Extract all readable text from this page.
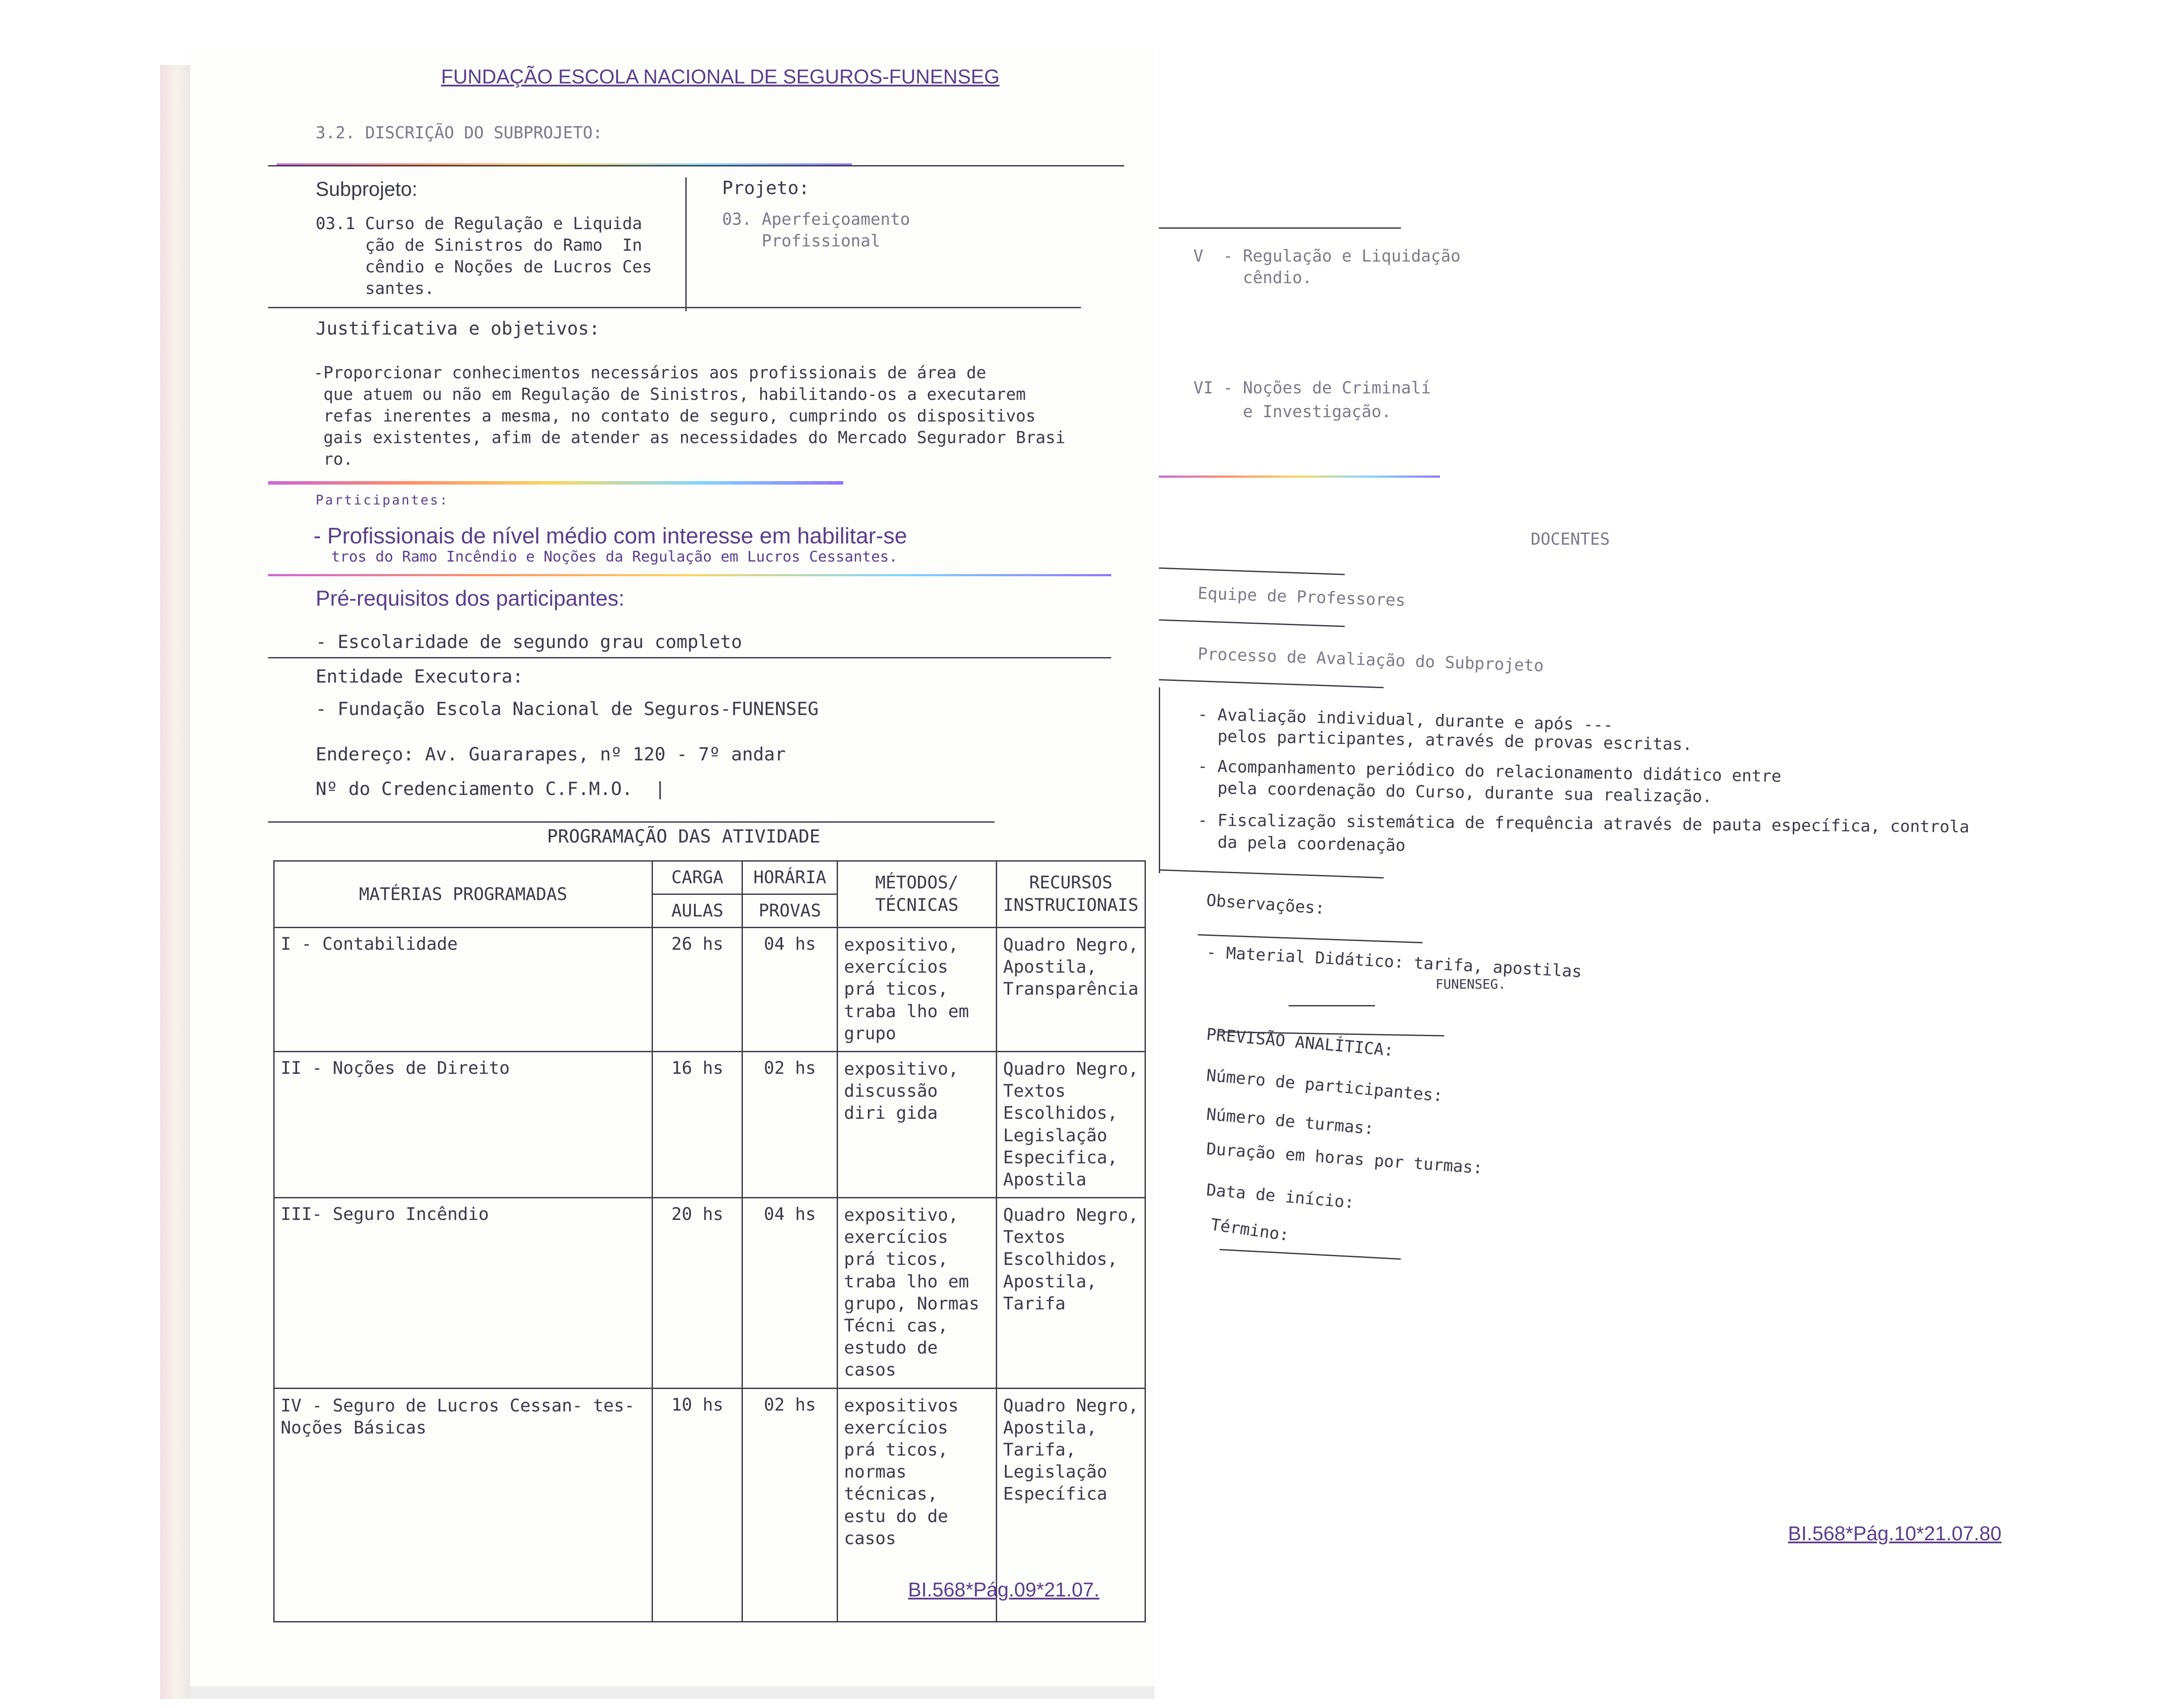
FUNDAÇÃO ESCOLA NACIONAL DE SEGUROS-FUNENSEG
3.2. DISCRIÇÃO DO SUBPROJETO:
Subprojeto:
03.1 Curso de Regulação e Liquida
ção de Sinistros do Ramo  In
cêndio e Noções de Lucros Ces
santes.
Projeto:
03. Aperfeiçoamento
Profissional
Justificativa e objetivos:
-Proporcionar conhecimentos necessários aos profissionais de área de
que atuem ou não em Regulação de Sinistros, habilitando-os a executarem
refas inerentes a mesma, no contato de seguro, cumprindo os dispositivos
gais existentes, afim de atender as necessidades do Mercado Segurador Brasi
ro.
Participantes:
- Profissionais de nível médio com interesse em habilitar-se
tros do Ramo Incêndio e Noções da Regulação em Lucros Cessantes.
Pré-requisitos dos participantes:
- Escolaridade de segundo grau completo
Entidade Executora:
- Fundação Escola Nacional de Seguros-FUNENSEG
Endereço: Av. Guararapes, nº 120 - 7º andar
Nº do Credenciamento C.F.M.O.  |
PROGRAMAÇÃO DAS ATIVIDADE
MATÉRIAS PROGRAMADAS	CARGA	HORÁRIA	MÉTODOS/ TÉCNICAS	RECURSOS INSTRUCIONAIS
	AULAS	PROVAS		
I - Contabilidade	26 hs	04 hs	expositivo, exercícios prá ticos, traba lho em grupo	Quadro Negro, Apostila, Transparência
II - Noções de Direito	16 hs	02 hs	expositivo, discussão diri gida	Quadro Negro, Textos Escolhidos, Legislação Especifica, Apostila
III- Seguro Incêndio	20 hs	04 hs	expositivo, exercícios prá ticos, traba lho em grupo, Normas Técni cas, estudo de casos	Quadro Negro, Textos Escolhidos, Apostila, Tarifa
IV - Seguro de Lucros Cessan- tes-Noções Básicas	10 hs	02 hs	expositivos exercícios prá ticos, normas técnicas, estu do de casos	Quadro Negro, Apostila, Tarifa, Legislação Específica
BI.568*Pág.09*21.07.
V  - Regulação e Liquidação
cêndio.
VI - Noções de Criminalí
e Investigação.
DOCENTES
Equipe de Professores
Processo de Avaliação do Subprojeto
- Avaliação individual, durante e após ---
pelos participantes, através de provas escritas.
- Acompanhamento periódico do relacionamento didático entre
pela coordenação do Curso, durante sua realização.
- Fiscalização sistemática de frequência através de pauta específica, controla
da pela coordenação
Observações:
- Material Didático: tarifa, apostilas
FUNENSEG.
PREVISÃO ANALÍTICA:
Número de participantes:
Número de turmas:
Duração em horas por turmas:
Data de início:
Término:
BI.568*Pág.10*21.07.80
